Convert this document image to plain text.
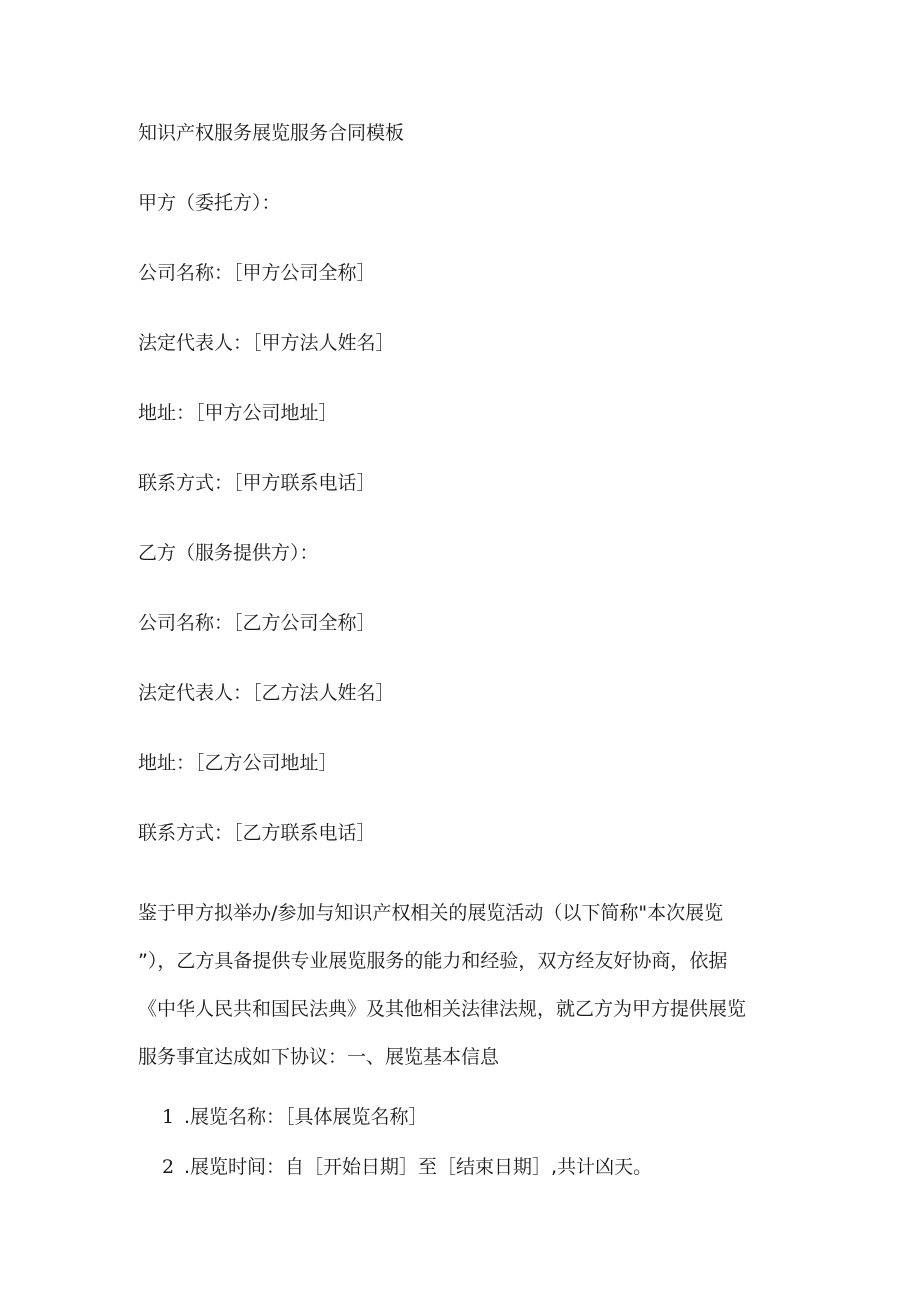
知识产权服务展览服务合同模板
甲方（委托方）：
公司名称：［甲方公司全称］
法定代表人：［甲方法人姓名］
地址：［甲方公司地址］
联系方式：［甲方联系电话］
乙方（服务提供方）：
公司名称：［乙方公司全称］
法定代表人：［乙方法人姓名］
地址：［乙方公司地址］
联系方式：［乙方联系电话］
鉴于甲方拟举办/参加与知识产权相关的展览活动（以下简称"本次展览
”），乙方具备提供专业展览服务的能力和经验，双方经友好协商，依据
《中华人民共和国民法典》及其他相关法律法规，就乙方为甲方提供展览
服务事宜达成如下协议：一、展览基本信息
1 .展览名称：［具体展览名称］
2 .展览时间：自［开始日期］至［结束日期］,共计凶天。
